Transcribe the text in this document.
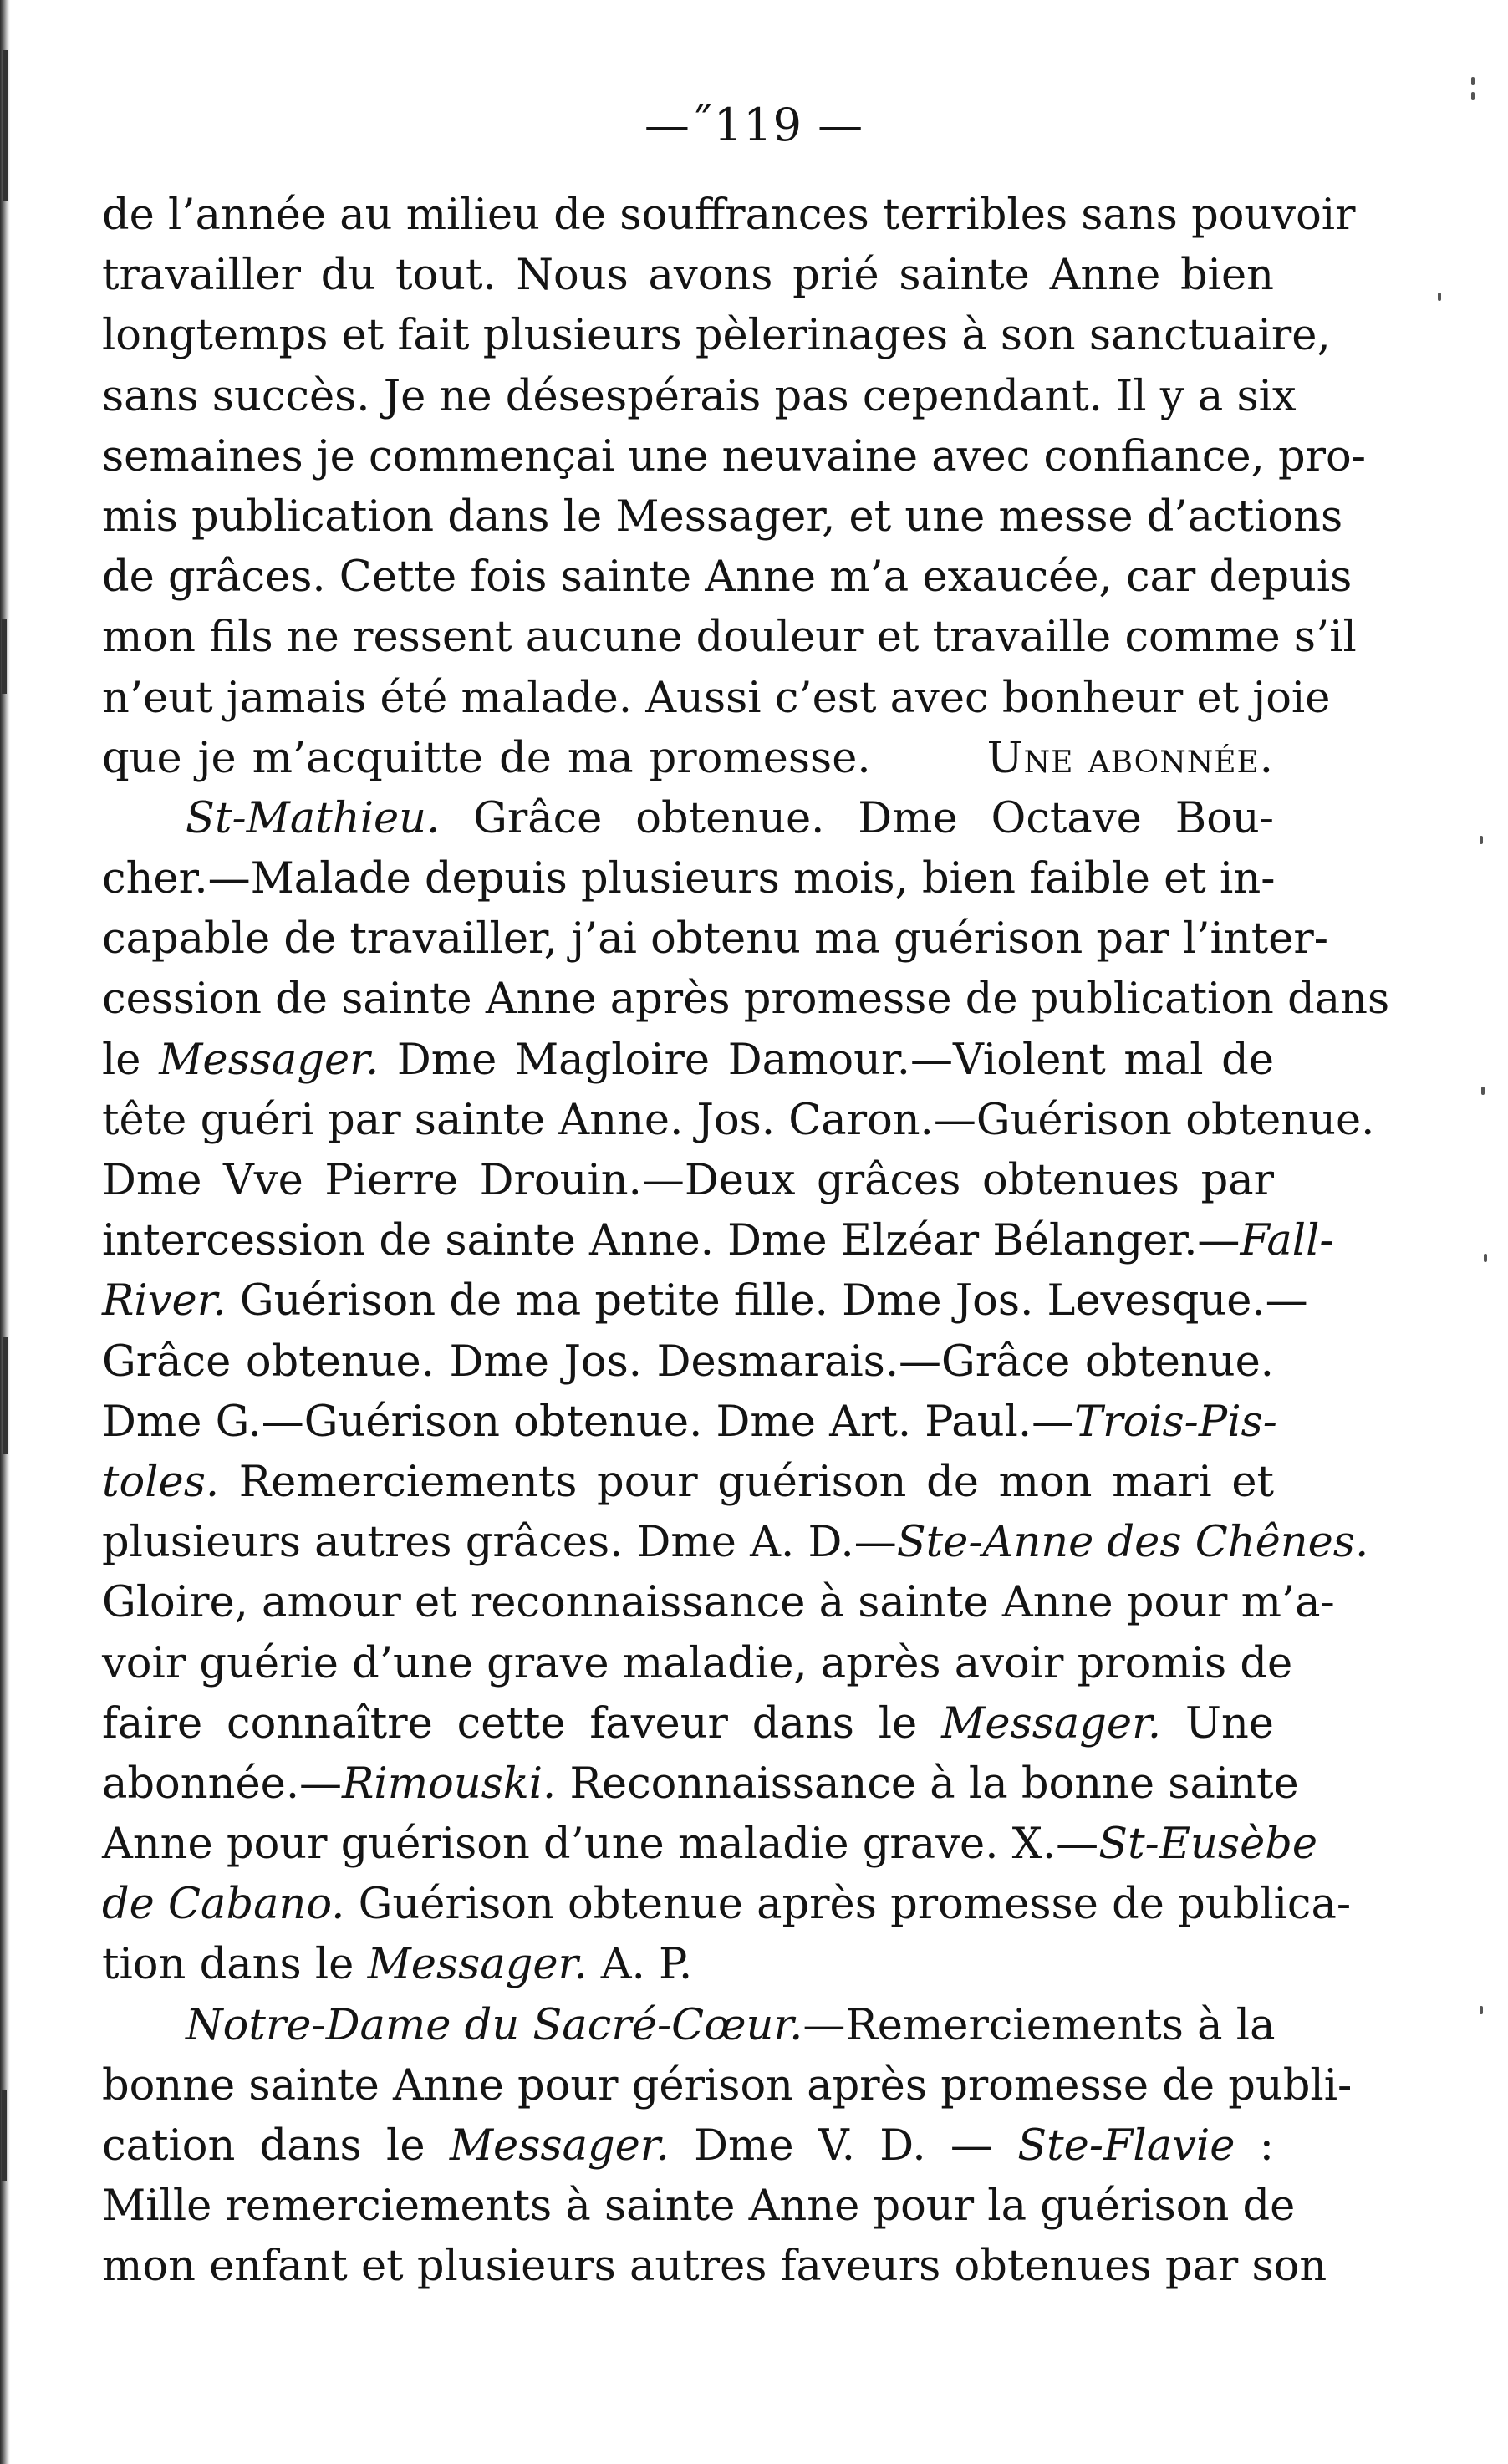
—˝119 —
de l’année au milieu de souffrances terribles sans pouvoir
travailler du tout. Nous avons prié sainte Anne bien
longtemps et fait plusieurs pèlerinages à son sanctuaire,
sans succès. Je ne désespérais pas cependant. Il y a six
semaines je commençai une neuvaine avec confiance, pro-
mis publication dans le Messager, et une messe d’actions
de grâces. Cette fois sainte Anne m’a exaucée, car depuis
mon fils ne ressent aucune douleur et travaille comme s’il
n’eut jamais été malade. Aussi c’est avec bonheur et joie
que je m’acquitte de ma promesse.	Une abonnée.
St-Mathieu. Grâce obtenue. Dme Octave Bou-
cher.—Malade depuis plusieurs mois, bien faible et in-
capable de travailler, j’ai obtenu ma guérison par l’inter-
cession de sainte Anne après promesse de publication dans
le Messager. Dme Magloire Damour.—Violent mal de
tête guéri par sainte Anne. Jos. Caron.—Guérison obtenue.
Dme Vve Pierre Drouin.—Deux grâces obtenues par
intercession de sainte Anne. Dme Elzéar Bélanger.—Fall-
River. Guérison de ma petite fille. Dme Jos. Levesque.—
Grâce obtenue. Dme Jos. Desmarais.—Grâce obtenue.
Dme G.—Guérison obtenue. Dme Art. Paul.—Trois-Pis-
toles. Remerciements pour guérison de mon mari et
plusieurs autres grâces. Dme A. D.—Ste-Anne des Chênes.
Gloire, amour et reconnaissance à sainte Anne pour m’a-
voir guérie d’une grave maladie, après avoir promis de
faire connaître cette faveur dans le Messager. Une
abonnée.—Rimouski. Reconnaissance à la bonne sainte
Anne pour guérison d’une maladie grave. X.—St-Eusèbe
de Cabano. Guérison obtenue après promesse de publica-
tion dans le Messager. A. P.
Notre-Dame du Sacré-Cœur.—Remerciements à la
bonne sainte Anne pour gérison après promesse de publi-
cation dans le Messager. Dme V. D. — Ste-Flavie :
Mille remerciements à sainte Anne pour la guérison de
mon enfant et plusieurs autres faveurs obtenues par son
